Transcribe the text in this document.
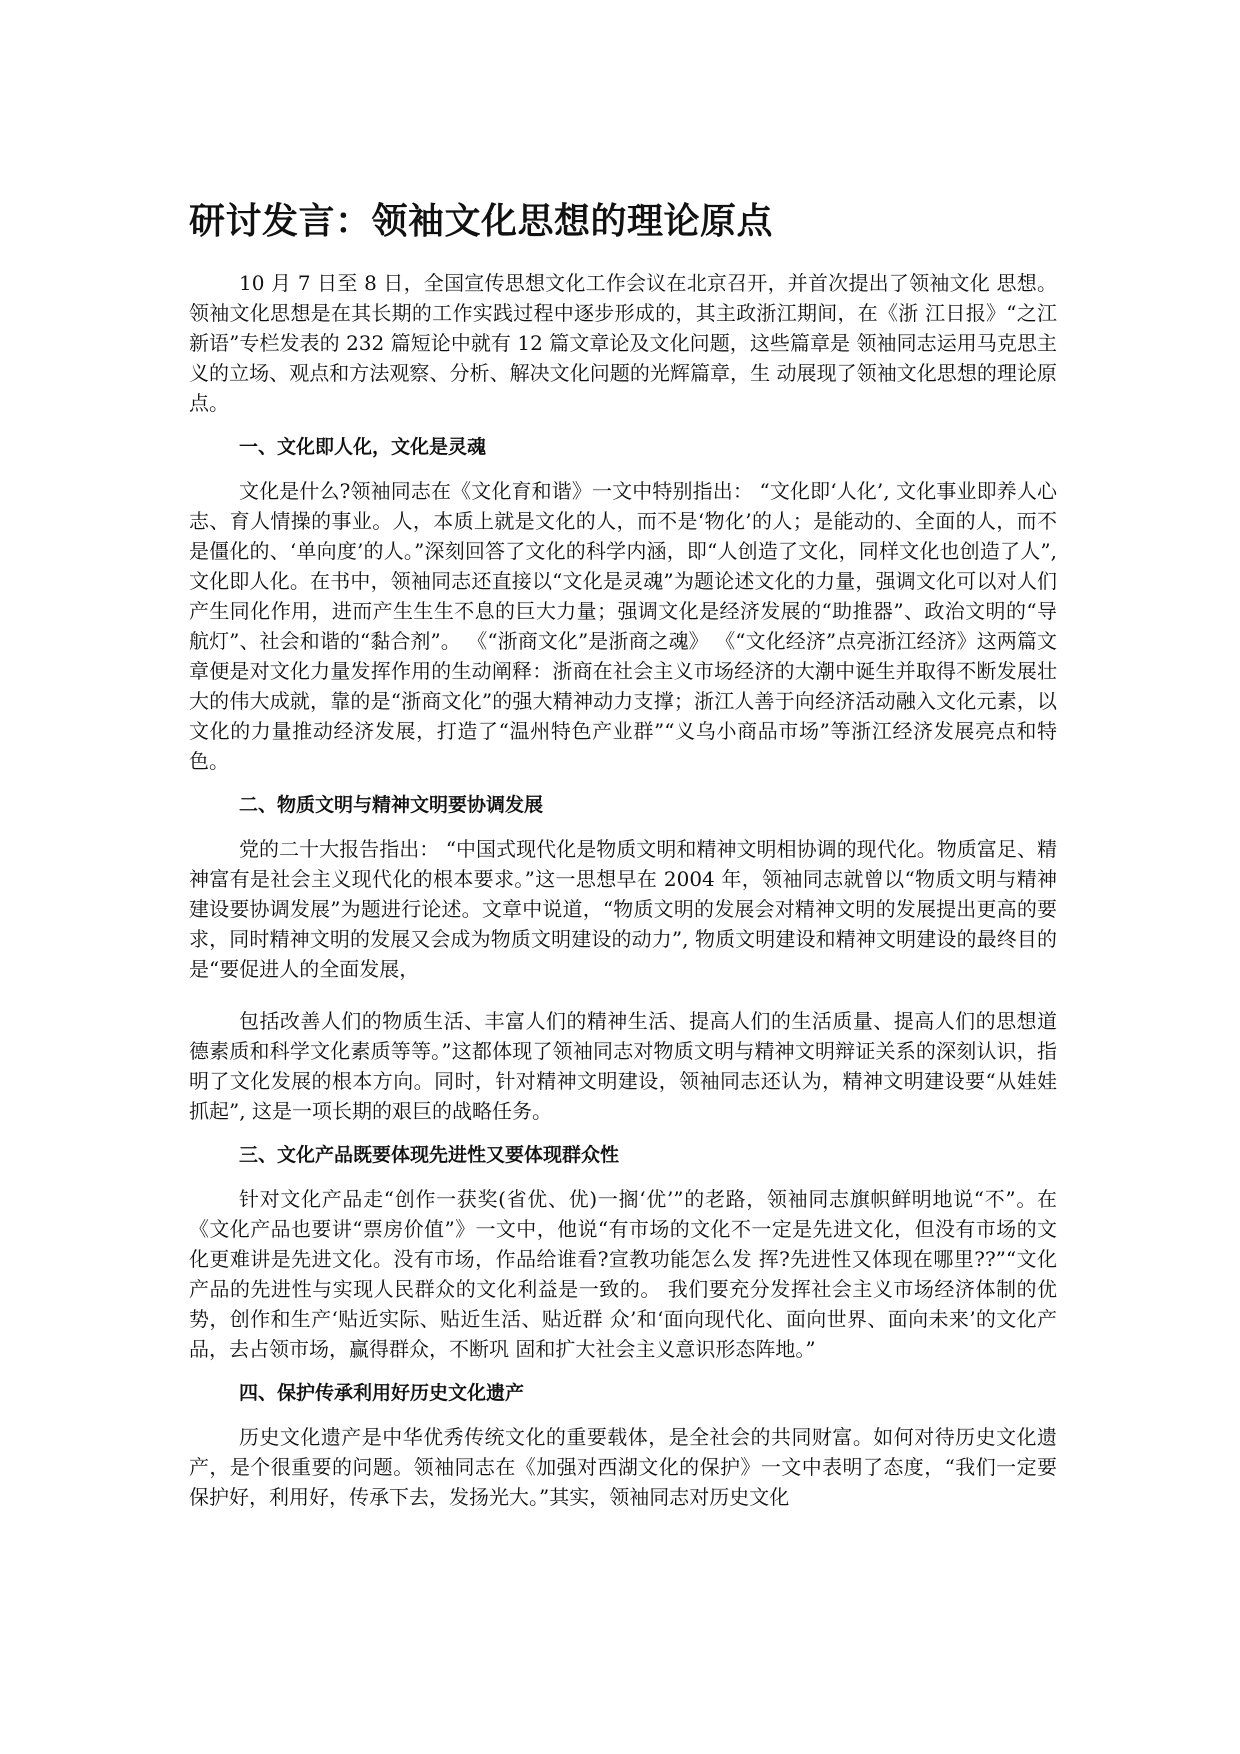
研讨发言：领袖文化思想的理论原点

10 月 7 日至 8 日，全国宣传思想文化工作会议在北京召开，并首次提出了领袖文化 思想。领袖文化思想是在其长期的工作实践过程中逐步形成的，其主政浙江期间，在《浙 江日报》“之江新语”专栏发表的 232 篇短论中就有 12 篇文章论及文化问题，这些篇章是 领袖同志运用马克思主义的立场、观点和方法观察、分析、解决文化问题的光辉篇章，生 动展现了领袖文化思想的理论原点。

一、文化即人化，文化是灵魂

文化是什么?领袖同志在《文化育和谐》一文中特别指出： “文化即‘人化’, 文化事业即养人心志、育人情操的事业。人，本质上就是文化的人，而不是‘物化’的人；是能动的、全面的人，而不是僵化的、‘单向度’的人。”深刻回答了文化的科学内涵，即“人创造了文化，同样文化也创造了人”, 文化即人化。在书中，领袖同志还直接以“文化是灵魂”为题论述文化的力量，强调文化可以对人们产生同化作用，进而产生生生不息的巨大力量；强调文化是经济发展的“助推器”、政治文明的“导航灯”、社会和谐的“黏合剂”。 《“浙商文化”是浙商之魂》 《“文化经济”点亮浙江经济》这两篇文章便是对文化力量发挥作用的生动阐释：浙商在社会主义市场经济的大潮中诞生并取得不断发展壮大的伟大成就，靠的是“浙商文化”的强大精神动力支撑；浙江人善于向经济活动融入文化元素，以文化的力量推动经济发展，打造了“温州特色产业群”“义乌小商品市场”等浙江经济发展亮点和特色。

二、物质文明与精神文明要协调发展

党的二十大报告指出： “中国式现代化是物质文明和精神文明相协调的现代化。物质富足、精神富有是社会主义现代化的根本要求。”这一思想早在 2004 年，领袖同志就曾以“物质文明与精神建设要协调发展”为题进行论述。文章中说道，“物质文明的发展会对精神文明的发展提出更高的要求，同时精神文明的发展又会成为物质文明建设的动力”, 物质文明建设和精神文明建设的最终目的是“要促进人的全面发展，

包括改善人们的物质生活、丰富人们的精神生活、提高人们的生活质量、提高人们的思想道德素质和科学文化素质等等。”这都体现了领袖同志对物质文明与精神文明辩证关系的深刻认识，指明了文化发展的根本方向。同时，针对精神文明建设，领袖同志还认为，精神文明建设要“从娃娃抓起”, 这是一项长期的艰巨的战略任务。

三、文化产品既要体现先进性又要体现群众性

针对文化产品走“创作一获奖(省优、优)一搁‘优’”的老路，领袖同志旗帜鲜明地说“不”。在《文化产品也要讲“票房价值”》一文中，他说“有市场的文化不一定是先进文化，但没有市场的文化更难讲是先进文化。没有市场，作品给谁看?宣教功能怎么发 挥?先进性又体现在哪里??”“文化产品的先进性与实现人民群众的文化利益是一致的。 我们要充分发挥社会主义市场经济体制的优势，创作和生产‘贴近实际、贴近生活、贴近群 众’和‘面向现代化、面向世界、面向未来’的文化产品，去占领市场，赢得群众，不断巩 固和扩大社会主义意识形态阵地。”

四、保护传承利用好历史文化遗产

历史文化遗产是中华优秀传统文化的重要载体，是全社会的共同财富。如何对待历史文化遗产，是个很重要的问题。领袖同志在《加强对西湖文化的保护》一文中表明了态度，“我们一定要保护好，利用好，传承下去，发扬光大。”其实，领袖同志对历史文化
